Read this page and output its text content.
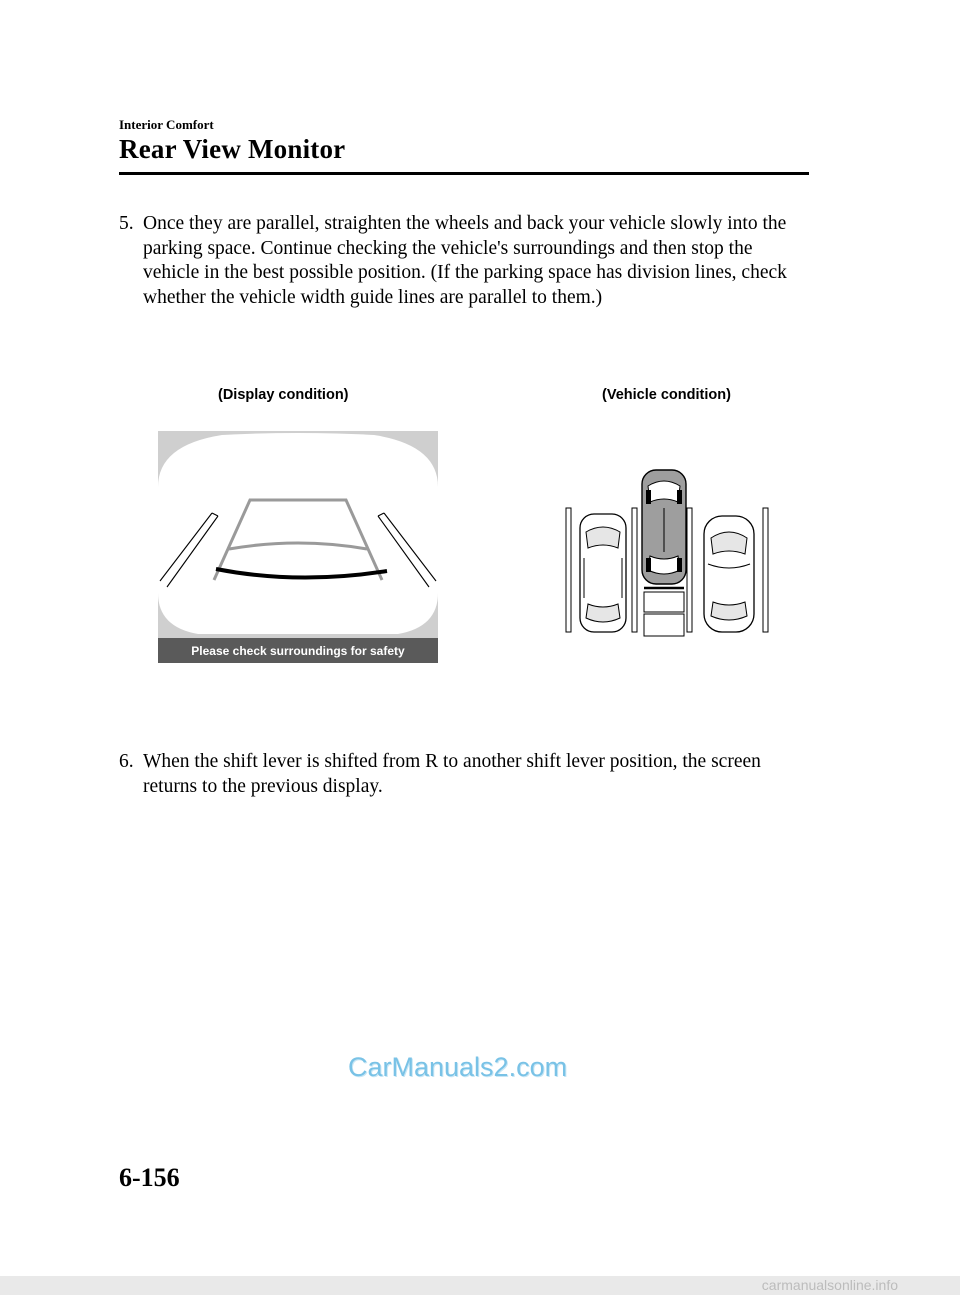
Interior Comfort
Rear View Monitor
5. Once they are parallel, straighten the wheels and back your vehicle slowly into the parking space. Continue checking the vehicle's surroundings and then stop the vehicle in the best possible position. (If the parking space has division lines, check whether the vehicle width guide lines are parallel to them.)
(Display condition)	(Vehicle condition)
Please check surroundings for safety
6. When the shift lever is shifted from R to another shift lever position, the screen returns to the previous display.
CarManuals2.com
6-156
carmanualsonline.info
